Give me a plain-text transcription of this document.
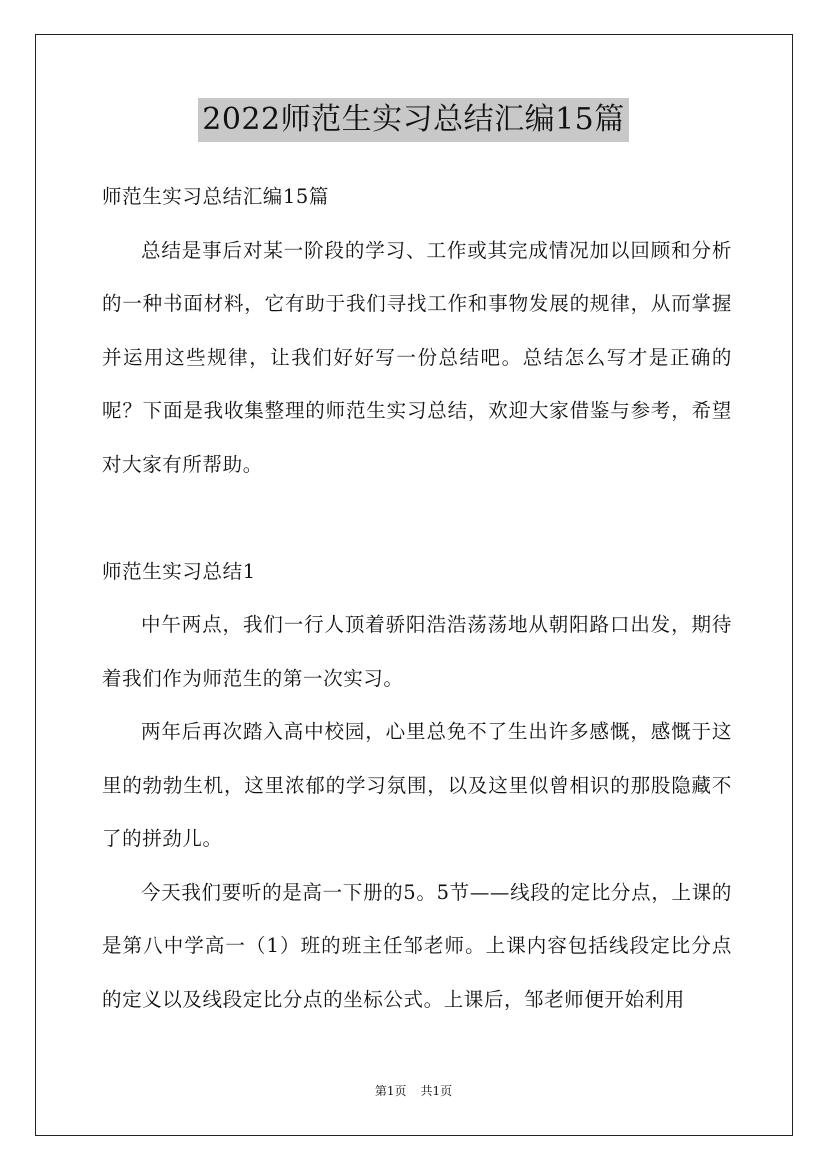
2022师范生实习总结汇编15篇

师范生实习总结汇编15篇

总结是事后对某一阶段的学习、工作或其完成情况加以回顾和分析的一种书面材料，它有助于我们寻找工作和事物发展的规律，从而掌握并运用这些规律，让我们好好写一份总结吧。总结怎么写才是正确的呢？下面是我收集整理的师范生实习总结，欢迎大家借鉴与参考，希望对大家有所帮助。

师范生实习总结1

中午两点，我们一行人顶着骄阳浩浩荡荡地从朝阳路口出发，期待着我们作为师范生的第一次实习。

两年后再次踏入高中校园，心里总免不了生出许多感慨，感慨于这里的勃勃生机，这里浓郁的学习氛围，以及这里似曾相识的那股隐藏不了的拼劲儿。

今天我们要听的是高一下册的5。5节——线段的定比分点，上课的是第八中学高一（1）班的班主任邹老师。上课内容包括线段定比分点的定义以及线段定比分点的坐标公式。上课后，邹老师便开始利用

第1页 共1页
